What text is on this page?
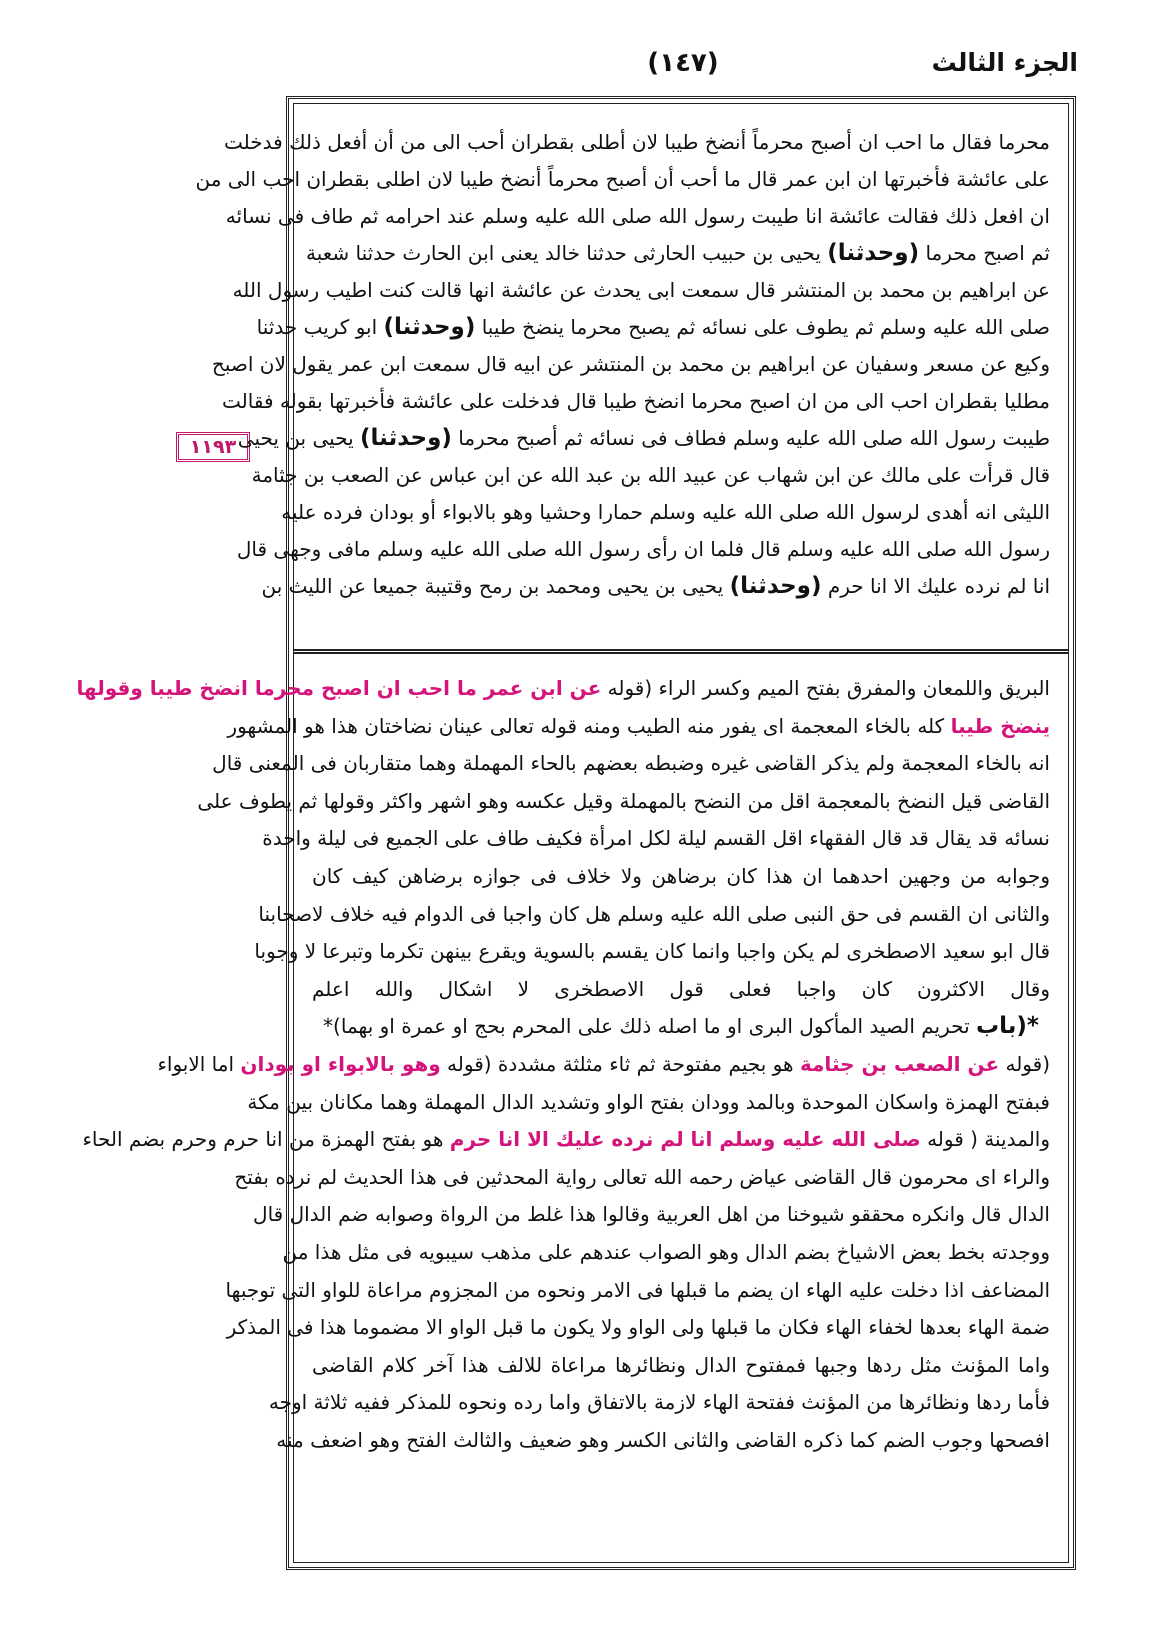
الجزء الثالث
(١٤٧)
١١٩٣
محرما فقال ما احب ان أصبح محرماً أنضخ طيبا لان أطلى بقطران أحب الى من أن أفعل ذلك فدخلت
على عائشة فأخبرتها ان ابن عمر قال ما أحب أن أصبح محرماً أنضخ طيبا لان اطلى بقطران احب الى من
ان افعل ذلك فقالت عائشة انا طيبت رسول الله صلى الله عليه وسلم عند احرامه ثم طاف فى نسائه
ثم اصبح محرما (وحدثنا) يحيى بن حبيب الحارثى حدثنا خالد يعنى ابن الحارث حدثنا شعبة
عن ابراهيم بن محمد بن المنتشر قال سمعت ابى يحدث عن عائشة انها قالت كنت اطيب رسول الله
صلى الله عليه وسلم ثم يطوف على نسائه ثم يصبح محرما ينضخ طيبا (وحدثنا) ابو كريب حدثنا
وكيع عن مسعر وسفيان عن ابراهيم بن محمد بن المنتشر عن ابيه قال سمعت ابن عمر يقول لان اصبح
مطليا بقطران احب الى من ان اصبح محرما انضخ طيبا قال فدخلت على عائشة فأخبرتها بقوله فقالت
طيبت رسول الله صلى الله عليه وسلم فطاف فى نسائه ثم أصبح محرما (وحدثنا) يحيى بن يحيى
قال قرأت على مالك عن ابن شهاب عن عبيد الله بن عبد الله عن ابن عباس عن الصعب بن جثامة
الليثى انه أهدى لرسول الله صلى الله عليه وسلم حمارا وحشيا وهو بالابواء أو بودان فرده عليه
رسول الله صلى الله عليه وسلم قال فلما ان رأى رسول الله صلى الله عليه وسلم مافى وجهى قال
انا لم نرده عليك الا انا حرم (وحدثنا) يحيى بن يحيى ومحمد بن رمح وقتيبة جميعا عن الليث بن
البريق واللمعان والمفرق بفتح الميم وكسر الراء (قوله عن ابن عمر ما احب ان اصبح محرما انضخ طيبا وقولها
ينضخ طيبا كله بالخاء المعجمة اى يفور منه الطيب ومنه قوله تعالى عينان نضاختان هذا هو المشهور
انه بالخاء المعجمة ولم يذكر القاضى غيره وضبطه بعضهم بالحاء المهملة وهما متقاربان فى المعنى قال
القاضى قيل النضخ بالمعجمة اقل من النضح بالمهملة وقيل عكسه وهو اشهر واكثر وقولها ثم يطوف على
نسائه قد يقال قد قال الفقهاء اقل القسم ليلة لكل امرأة فكيف طاف على الجميع فى ليلة واحدة
وجوابه من وجهين احدهما ان هذا كان برضاهن ولا خلاف فى جوازه برضاهن كيف كان
والثانى ان القسم فى حق النبى صلى الله عليه وسلم هل كان واجبا فى الدوام فيه خلاف لاصحابنا
قال ابو سعيد الاصطخرى لم يكن واجبا وانما كان يقسم بالسوية ويقرع بينهن تكرما وتبرعا لا وجوبا
وقال الاكثرون كان واجبا فعلى قول الاصطخرى لا اشكال والله اعلم
*(باب تحريم الصيد المأكول البرى او ما اصله ذلك على المحرم بحج او عمرة او بهما)*
(قوله عن الصعب بن جثامة هو بجيم مفتوحة ثم ثاء مثلثة مشددة (قوله وهو بالابواء او بودان اما الابواء
فبفتح الهمزة واسكان الموحدة وبالمد وودان بفتح الواو وتشديد الدال المهملة وهما مكانان بين مكة
والمدينة ( قوله صلى الله عليه وسلم انا لم نرده عليك الا انا حرم هو بفتح الهمزة من انا حرم وحرم بضم الحاء
والراء اى محرمون قال القاضى عياض رحمه الله تعالى رواية المحدثين فى هذا الحديث لم نرده بفتح
الدال قال وانكره محققو شيوخنا من اهل العربية وقالوا هذا غلط من الرواة وصوابه ضم الدال قال
ووجدته بخط بعض الاشياخ بضم الدال وهو الصواب عندهم على مذهب سيبويه فى مثل هذا من
المضاعف اذا دخلت عليه الهاء ان يضم ما قبلها فى الامر ونحوه من المجزوم مراعاة للواو التى توجبها
ضمة الهاء بعدها لخفاء الهاء فكان ما قبلها ولى الواو ولا يكون ما قبل الواو الا مضموما هذا فى المذكر
واما المؤنث مثل ردها وجبها فمفتوح الدال ونظائرها مراعاة للالف هذا آخر كلام القاضى
فأما ردها ونظائرها من المؤنث ففتحة الهاء لازمة بالاتفاق واما رده ونحوه للمذكر ففيه ثلاثة اوجه
افصحها وجوب الضم كما ذكره القاضى والثانى الكسر وهو ضعيف والثالث الفتح وهو اضعف منه
